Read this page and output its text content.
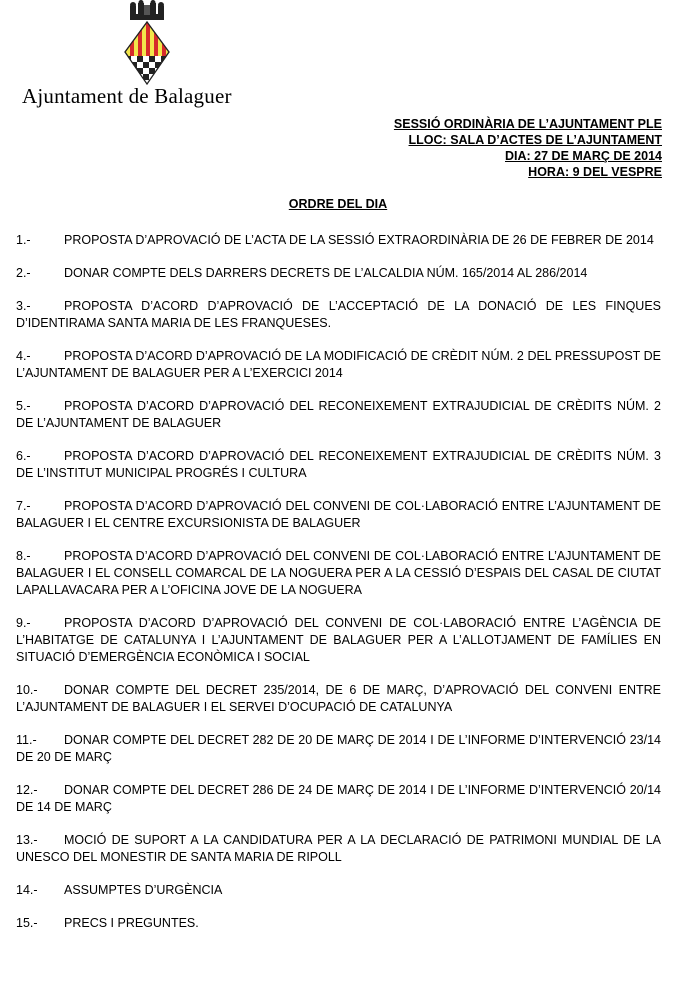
Ajuntament de Balaguer
SESSIÓ ORDINÀRIA DE L’AJUNTAMENT PLE
LLOC: SALA D’ACTES DE L’AJUNTAMENT
DIA: 27 DE MARÇ DE 2014
HORA: 9 DEL VESPRE
ORDRE DEL DIA
1.-	PROPOSTA D’APROVACIÓ DE L’ACTA DE LA SESSIÓ EXTRAORDINÀRIA DE 26 DE FEBRER DE 2014
2.-	DONAR COMPTE DELS DARRERS DECRETS DE L’ALCALDIA NÚM. 165/2014 AL 286/2014
3.-	PROPOSTA D’ACORD D’APROVACIÓ DE L’ACCEPTACIÓ DE LA DONACIÓ DE LES FINQUES D’IDENTIRAMA SANTA MARIA DE LES FRANQUESES.
4.-	PROPOSTA D’ACORD D’APROVACIÓ DE LA MODIFICACIÓ DE CRÈDIT NÚM. 2 DEL PRESSUPOST DE L’AJUNTAMENT DE BALAGUER PER A L’EXERCICI 2014
5.-	PROPOSTA D’ACORD D’APROVACIÓ DEL RECONEIXEMENT EXTRAJUDICIAL DE CRÈDITS NÚM. 2 DE L’AJUNTAMENT DE BALAGUER
6.-	PROPOSTA D’ACORD D’APROVACIÓ DEL RECONEIXEMENT EXTRAJUDICIAL DE CRÈDITS NÚM. 3 DE L’INSTITUT MUNICIPAL PROGRÉS I CULTURA
7.-	PROPOSTA D’ACORD D’APROVACIÓ DEL CONVENI DE COL·LABORACIÓ ENTRE L’AJUNTAMENT DE BALAGUER I EL CENTRE EXCURSIONISTA DE BALAGUER
8.-	PROPOSTA D’ACORD D’APROVACIÓ DEL CONVENI DE COL·LABORACIÓ ENTRE L’AJUNTAMENT DE BALAGUER I EL CONSELL COMARCAL DE LA NOGUERA PER A LA CESSIÓ D’ESPAIS DEL CASAL DE CIUTAT LAPALLAVACARA PER A L’OFICINA JOVE DE LA NOGUERA
9.-	PROPOSTA D’ACORD D’APROVACIÓ DEL CONVENI DE COL·LABORACIÓ ENTRE L’AGÈNCIA DE L’HABITATGE DE CATALUNYA I L’AJUNTAMENT DE BALAGUER PER A L’ALLOTJAMENT DE FAMÍLIES EN SITUACIÓ D’EMERGÈNCIA ECONÒMICA I SOCIAL
10.- DONAR COMPTE DEL DECRET 235/2014, DE 6 DE MARÇ, D’APROVACIÓ DEL CONVENI ENTRE L’AJUNTAMENT DE BALAGUER I EL SERVEI D’OCUPACIÓ DE CATALUNYA
11.- DONAR COMPTE DEL DECRET 282 DE 20 DE MARÇ DE 2014 I DE L’INFORME D’INTERVENCIÓ 23/14 DE 20 DE MARÇ
12.- DONAR COMPTE DEL DECRET 286 DE 24 DE MARÇ DE 2014 I DE L’INFORME D’INTERVENCIÓ 20/14 DE 14 DE MARÇ
13.- MOCIÓ DE SUPORT A LA CANDIDATURA PER A LA DECLARACIÓ DE PATRIMONI MUNDIAL DE LA UNESCO DEL MONESTIR DE SANTA MARIA DE RIPOLL
14.- ASSUMPTES D’URGÈNCIA
15.- PRECS I PREGUNTES.
